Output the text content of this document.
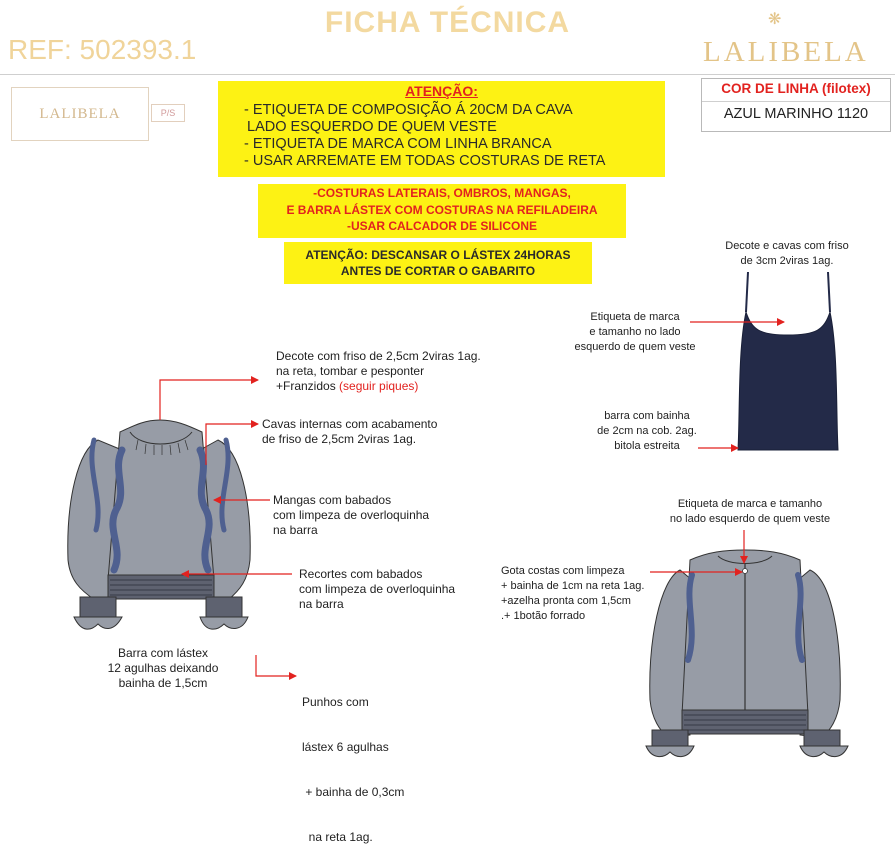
FICHA TÉCNICA
REF: 502393.1
❋
LALIBELA
LALIBELA	P/S
ATENÇÃO:
- ETIQUETA DE COMPOSIÇÃO Á 20CM DA CAVA
LADO ESQUERDO DE QUEM VESTE
- ETIQUETA DE MARCA COM LINHA BRANCA
- USAR ARREMATE EM TODAS COSTURAS DE RETA
-COSTURAS LATERAIS, OMBROS, MANGAS,
E BARRA LÁSTEX COM COSTURAS NA REFILADEIRA
-USAR CALCADOR DE SILICONE
ATENÇÃO: DESCANSAR O LÁSTEX 24HORAS
ANTES DE CORTAR O GABARITO
COR DE LINHA (filotex)
AZUL MARINHO 1120
Decote com friso de 2,5cm 2viras 1ag.
na reta, tombar e pesponter
+Franzidos (seguir piques)
Cavas internas com acabamento
de friso de 2,5cm 2viras 1ag.
Mangas com babados
com limpeza de overloquinha
na barra
Recortes com babados
com limpeza de overloquinha
na barra
Barra com lástex
12 agulhas deixando
bainha de 1,5cm

Punhos com

lástex 6 agulhas

+ bainha de 0,3cm

na reta 1ag.

Decote e cavas com friso
de 3cm 2viras 1ag.
Etiqueta de marca
e tamanho no lado
esquerdo de quem veste
barra com bainha
de 2cm na cob. 2ag.
bitola estreita
Etiqueta de marca e tamanho
no lado esquerdo de quem veste
Gota costas com limpeza
+ bainha de 1cm na reta 1ag.
+azelha pronta com 1,5cm
.+ 1botão forrado
